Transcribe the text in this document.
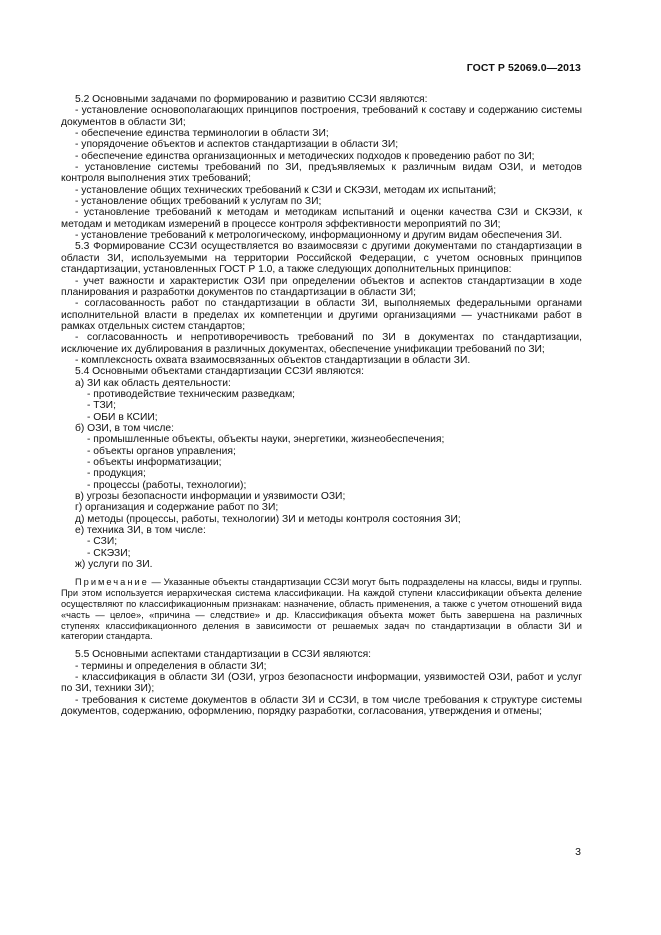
ГОСТ Р 52069.0—2013

5.2 Основными задачами по формированию и развитию ССЗИ являются:

- установление основополагающих принципов построения, требований к составу и содержанию системы документов в области ЗИ;

- обеспечение единства терминологии в области ЗИ;

- упорядочение объектов и аспектов стандартизации в области ЗИ;

- обеспечение единства организационных и методических подходов к проведению работ по ЗИ;

- установление системы требований по ЗИ, предъявляемых к различным видам ОЗИ, и методов контроля выполнения этих требований;

- установление общих технических требований к СЗИ и СКЭЗИ, методам их испытаний;

- установление общих требований к услугам по ЗИ;

- установление требований к методам и методикам испытаний и оценки качества СЗИ и СКЭЗИ, к методам и методикам измерений в процессе контроля эффективности мероприятий по ЗИ;

- установление требований к метрологическому, информационному и другим видам обеспечения ЗИ.

5.3 Формирование ССЗИ осуществляется во взаимосвязи с другими документами по стандартизации в области ЗИ, используемыми на территории Российской Федерации, с учетом основных принципов стандартизации, установленных ГОСТ Р 1.0, а также следующих дополнительных принципов:

- учет важности и характеристик ОЗИ при определении объектов и аспектов стандартизации в ходе планирования и разработки документов по стандартизации в области ЗИ;

- согласованность работ по стандартизации в области ЗИ, выполняемых федеральными органами исполнительной власти в пределах их компетенции и другими организациями — участниками работ в рамках отдельных систем стандартов;

- согласованность и непротиворечивость требований по ЗИ в документах по стандартизации, исключение их дублирования в различных документах, обеспечение унификации требований по ЗИ;

- комплексность охвата взаимосвязанных объектов стандартизации в области ЗИ.

5.4 Основными объектами стандартизации ССЗИ являются:

а) ЗИ как область деятельности:

- противодействие техническим разведкам;

- ТЗИ;

- ОБИ в КСИИ;

б) ОЗИ, в том числе:

- промышленные объекты, объекты науки, энергетики, жизнеобеспечения;

- объекты органов управления;

- объекты информатизации;

- продукция;

- процессы (работы, технологии);

в) угрозы безопасности информации и уязвимости ОЗИ;

г) организация и содержание работ по ЗИ;

д) методы (процессы, работы, технологии) ЗИ и методы контроля состояния ЗИ;

е) техника ЗИ, в том числе:

- СЗИ;

- СКЭЗИ;

ж) услуги по ЗИ.

Примечание — Указанные объекты стандартизации ССЗИ могут быть подразделены на классы, виды и группы. При этом используется иерархическая система классификации. На каждой ступени классификации объекта деление осуществляют по классификационным признакам: назначение, область применения, а также с учетом отношений вида «часть — целое», «причина — следствие» и др. Классификация объекта может быть завершена на различных ступенях классификационного деления в зависимости от решаемых задач по стандартизации в области ЗИ и категории стандарта.

5.5 Основными аспектами стандартизации в ССЗИ являются:

- термины и определения в области ЗИ;

- классификация в области ЗИ (ОЗИ, угроз безопасности информации, уязвимостей ОЗИ, работ и услуг по ЗИ, техники ЗИ);

- требования к системе документов в области ЗИ и ССЗИ, в том числе требования к структуре системы документов, содержанию, оформлению, порядку разработки, согласования, утверждения и отмены;

3
